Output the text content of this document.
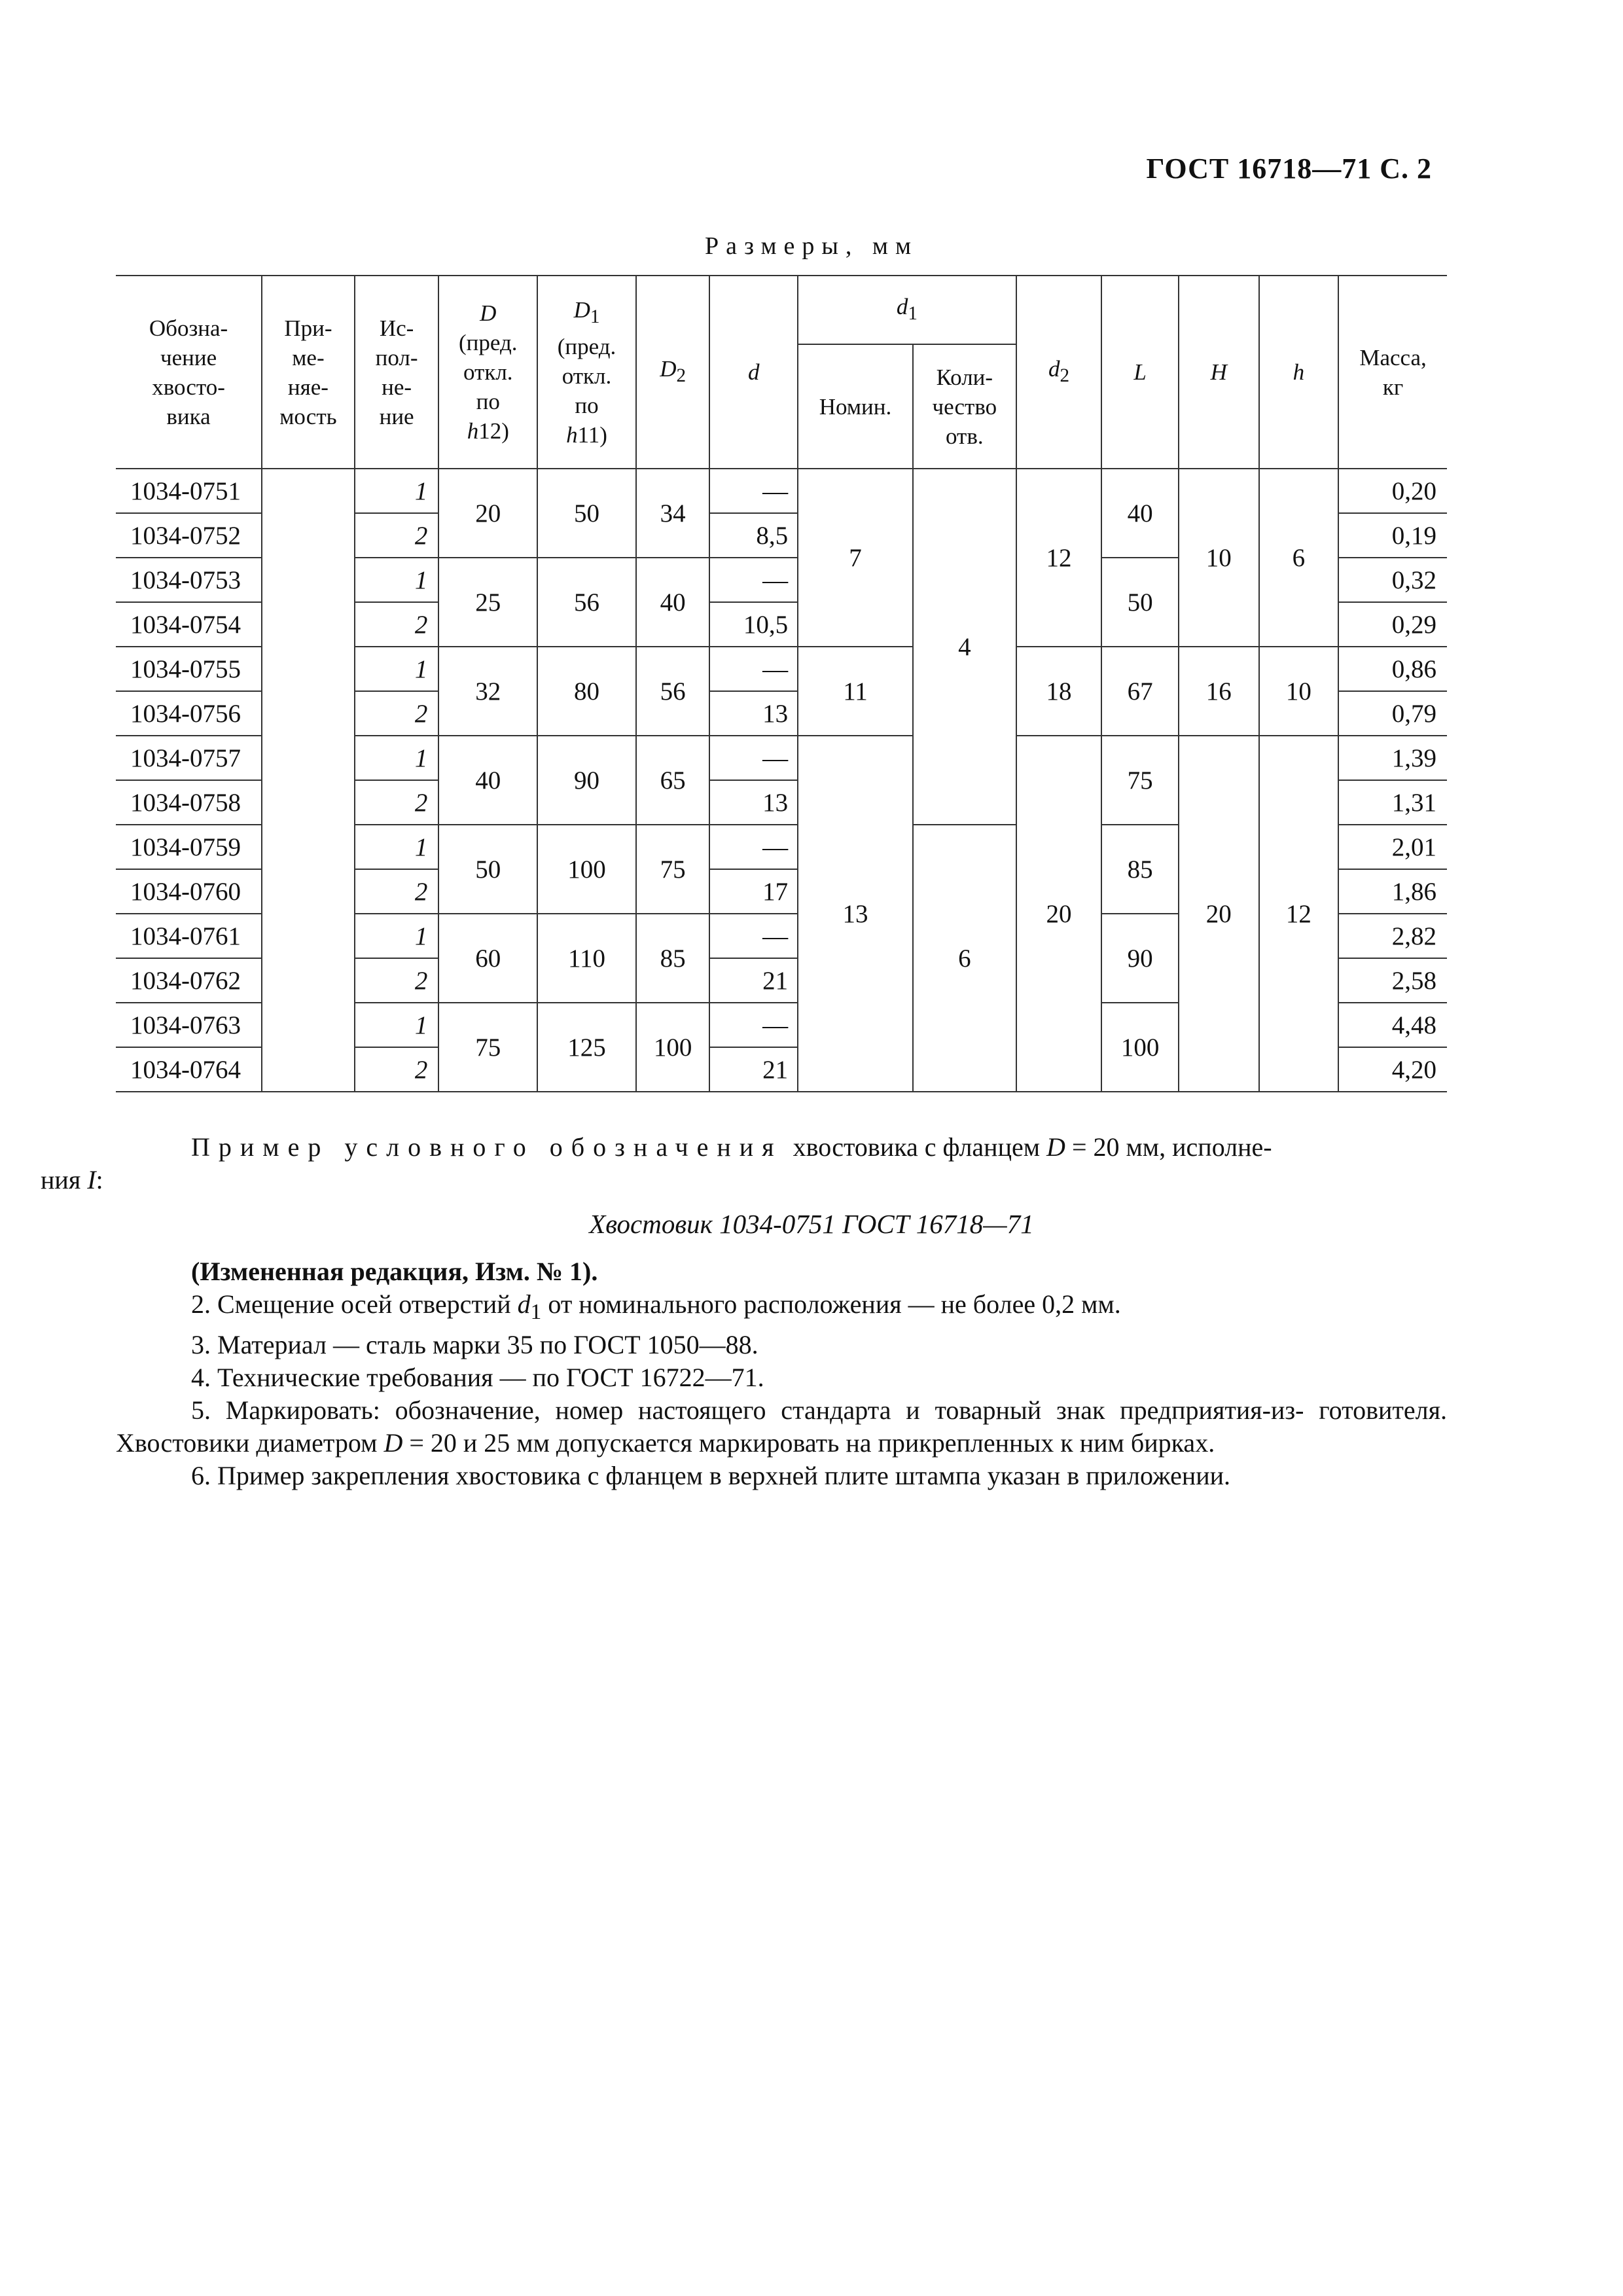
ГОСТ 16718—71 С. 2
Размеры, мм
Обозна-
чение
хвосто-
вика	При-
ме-
няе-
мость	Ис-
пол-
не-
ние	D
(пред.
откл.
по
h12)	$D_1$
(пред.
откл.
по
h11)	$D_2$	d	$d_1$		$d_2$	L	H	h	Масса,
кг
							Номин.	Коли-
чество
отв.					
1034-0751		1	20	50	34	—	7	4	12	40	10	6	0,20
1034-0752		2				8,5							0,19
1034-0753		1	25	56	40	—				50			0,32
1034-0754		2				10,5							0,29
1034-0755		1	32	80	56	—	11		18	67	16	10	0,86
1034-0756		2				13							0,79
1034-0757		1	40	90	65	—	13		20	75	20	12	1,39
1034-0758		2				13							1,31
1034-0759		1	50	100	75	—		6		85			2,01
1034-0760		2				17							1,86
1034-0761		1	60	110	85	—				90			2,82
1034-0762		2				21							2,58
1034-0763		1	75	125	100	—				100			4,48
1034-0764		2				21							4,20
Пример условного обозначения хвостовика с фланцем D = 20 мм, исполне-
ния I:
Хвостовик 1034-0751 ГОСТ 16718—71

(Измененная редакция, Изм. № 1).

2. Смещение осей отверстий $d_1$ от номинального расположения — не более 0,2 мм.

3. Материал — сталь марки 35 по ГОСТ 1050—88.

4. Технические требования — по ГОСТ 16722—71.

5. Маркировать: обозначение, номер настоящего стандарта и товарный знак предприятия-из- готовителя. Хвостовики диаметром D = 20 и 25 мм допускается маркировать на прикрепленных к ним бирках.

6. Пример закрепления хвостовика с фланцем в верхней плите штампа указан в приложении.
